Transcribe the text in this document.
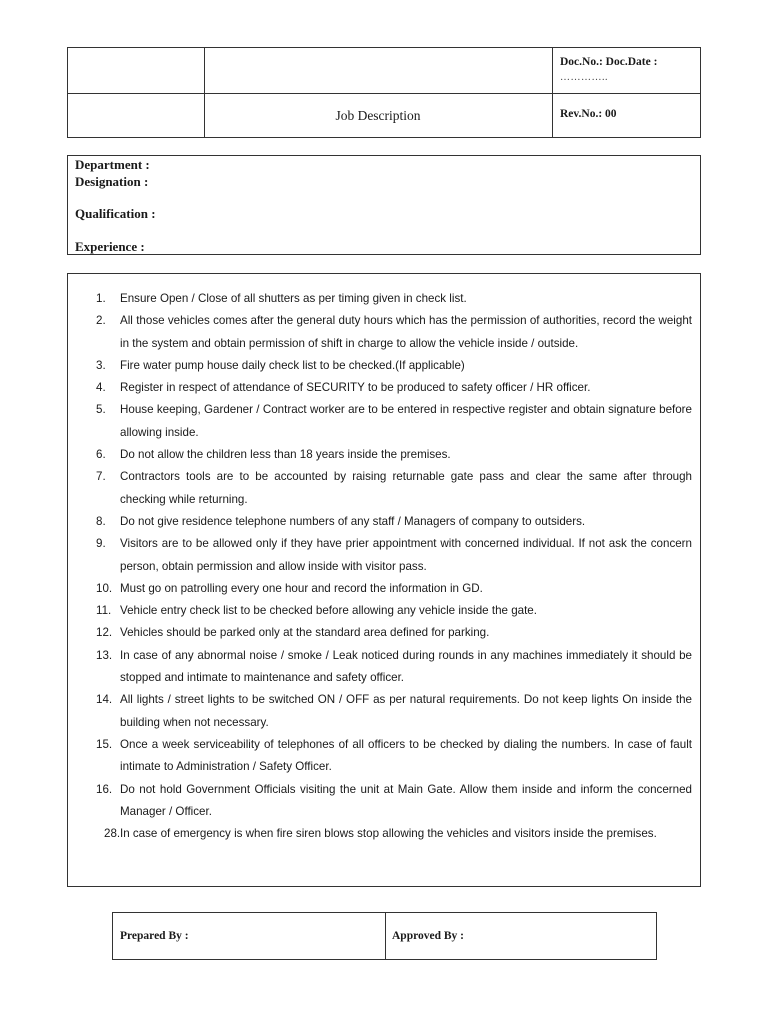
Doc.No.: Doc.Date :
…………..
Job Description	Rev.No.: 00
Department :
Designation :
Qualification :
Experience :
1. Ensure Open / Close of all shutters as per timing given in check list.
2. All those vehicles comes after the general duty hours which has the permission of authorities, record the weight in the system and obtain permission of shift in charge to allow the vehicle inside / outside.
3. Fire water pump house daily check list to be checked.(If applicable)
4. Register in respect of attendance of SECURITY to be produced to safety officer / HR officer.
5. House keeping, Gardener / Contract worker are to be entered in respective register and obtain signature before allowing inside.
6. Do not allow the children less than 18 years inside the premises.
7. Contractors tools are to be accounted by raising returnable gate pass and clear the same after through checking while returning.
8. Do not give residence telephone numbers of any staff / Managers of company to outsiders.
9. Visitors are to be allowed only if they have prier appointment with concerned individual. If not ask the concern person, obtain permission and allow inside with visitor pass.
10. Must go on patrolling every one hour and record the information in GD.
11. Vehicle entry check list to be checked before allowing any vehicle inside the gate.
12. Vehicles should be parked only at the standard area defined for parking.
13. In case of any abnormal noise / smoke / Leak noticed during rounds in any machines immediately it should be stopped and intimate to maintenance and safety officer.
14. All lights / street lights to be switched ON / OFF as per natural requirements. Do not keep lights On inside the building when not necessary.
15. Once a week serviceability of telephones of all officers to be checked by dialing the numbers. In case of fault intimate to Administration / Safety Officer.
16. Do not hold Government Officials visiting the unit at Main Gate. Allow them inside and inform the concerned Manager / Officer.
28. In case of emergency is when fire siren blows stop allowing the vehicles and visitors inside the premises.
Prepared By :	Approved By :
